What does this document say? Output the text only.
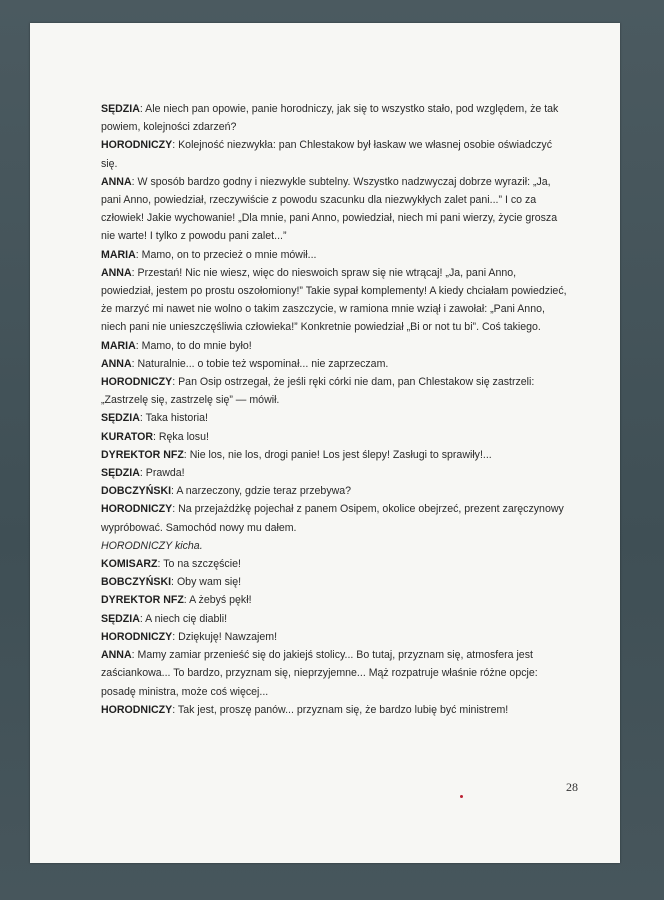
SĘDZIA: Ale niech pan opowie, panie horodniczy, jak się to wszystko stało, pod względem, że tak powiem, kolejności zdarzeń?

HORODNICZY: Kolejność niezwykła: pan Chlestakow był łaskaw we własnej osobie oświadczyć się.

ANNA: W sposób bardzo godny i niezwykle subtelny. Wszystko nadzwyczaj dobrze wyraził: „Ja, pani Anno, powiedział, rzeczywiście z powodu szacunku dla niezwykłych zalet pani...” I co za człowiek! Jakie wychowanie! „Dla mnie, pani Anno, powiedział, niech mi pani wierzy, życie grosza nie warte! I tylko z powodu pani zalet...”

MARIA: Mamo, on to przecież o mnie mówił...

ANNA: Przestań! Nic nie wiesz, więc do nieswoich spraw się nie wtrącaj! „Ja, pani Anno, powiedział, jestem po prostu oszołomiony!” Takie sypał komplementy! A kiedy chciałam powiedzieć, że marzyć mi nawet nie wolno o takim zaszczycie, w ramiona mnie wziął i zawołał: „Pani Anno, niech pani nie unieszczęśliwia człowieka!” Konkretnie powiedział „Bi or not tu bi”. Coś takiego.

MARIA: Mamo, to do mnie było!

ANNA: Naturalnie... o tobie też wspominał... nie zaprzeczam.

HORODNICZY: Pan Osip ostrzegał, że jeśli ręki córki nie dam, pan Chlestakow się zastrzeli: „Zastrzelę się, zastrzelę się” — mówił.

SĘDZIA: Taka historia!

KURATOR: Ręka losu!

DYREKTOR NFZ: Nie los, nie los, drogi panie! Los jest ślepy! Zasługi to sprawiły!...

SĘDZIA: Prawda!

DOBCZYŃSKI: A narzeczony, gdzie teraz przebywa?

HORODNICZY: Na przejażdżkę pojechał z panem Osipem, okolice obejrzeć, prezent zaręczynowy wypróbować. Samochód nowy mu dałem.

HORODNICZY kicha.

KOMISARZ: To na szczęście!

BOBCZYŃSKI: Oby wam się!

DYREKTOR NFZ: A żebyś pękł!

SĘDZIA: A niech cię diabli!

HORODNICZY: Dziękuję! Nawzajem!

ANNA: Mamy zamiar przenieść się do jakiejś stolicy... Bo tutaj, przyznam się, atmosfera jest zaściankowa... To bardzo, przyznam się, nieprzyjemne... Mąż rozpatruje właśnie różne opcje: posadę ministra, może coś więcej...

HORODNICZY: Tak jest, proszę panów... przyznam się, że bardzo lubię być ministrem!

28
